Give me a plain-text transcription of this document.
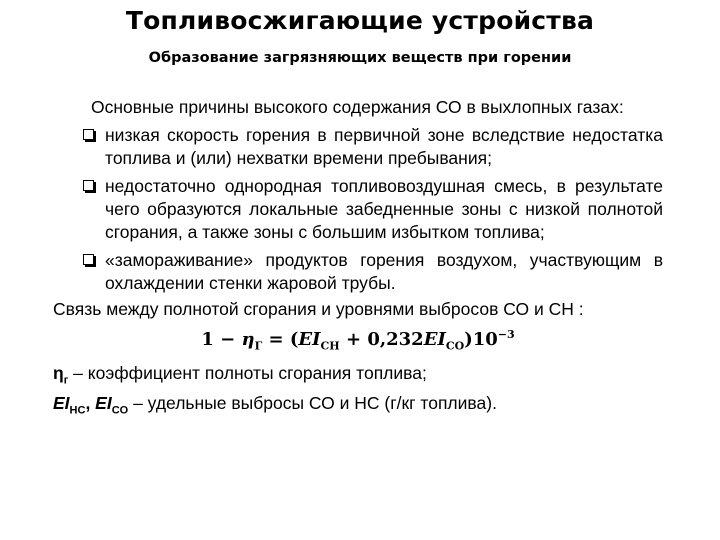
Топливосжигающие устройства
Образование загрязняющих веществ при горении

Основные причины высокого содержания СО в выхлопных газах:

низкая скорость горения в первичной зоне вследствие недостатка топлива и (или) нехватки времени пребывания;
недостаточно однородная топливовоздушная смесь, в результате чего образуются локальные забедненные зоны с низкой полнотой сгорания, а также зоны с большим избытком топлива;
«замораживание» продуктов горения воздухом, участвующим в охлаждении стенки жаровой трубы.

Связь между полнотой сгорания и уровнями выбросов СО и СН :

$1 - \eta_Г = (EI_{CH} + 0,232EI_{CO})10^{-3}$

$\eta_г$ – коэффициент полноты сгорания топлива;

$EI_{НС}$, $EI_{CO}$ – удельные выбросы СО и НС (г/кг топлива).
